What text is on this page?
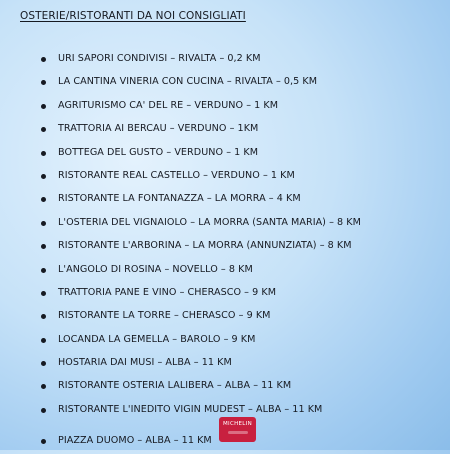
OSTERIE/RISTORANTI DA NOI CONSIGLIATI
URI SAPORI CONDIVISI – RIVALTA – 0,2 KM
LA CANTINA VINERIA CON CUCINA – RIVALTA – 0,5 KM
AGRITURISMO CA' DEL RE – VERDUNO – 1 KM
TRATTORIA AI BERCAU – VERDUNO – 1KM
BOTTEGA DEL GUSTO – VERDUNO – 1 KM
RISTORANTE REAL CASTELLO – VERDUNO – 1 KM
RISTORANTE LA FONTANAZZA – LA MORRA – 4 KM
L'OSTERIA DEL VIGNAIOLO – LA MORRA (SANTA MARIA) – 8 KM
RISTORANTE L'ARBORINA – LA MORRA (ANNUNZIATA) – 8 KM
L'ANGOLO DI ROSINA – NOVELLO – 8 KM
TRATTORIA PANE E VINO – CHERASCO – 9 KM
RISTORANTE LA TORRE – CHERASCO – 9 KM
LOCANDA LA GEMELLA – BAROLO – 9 KM
HOSTARIA DAI MUSI – ALBA – 11 KM
RISTORANTE OSTERIA LALIBERA – ALBA – 11 KM
RISTORANTE L'INEDITO VIGIN MUDEST – ALBA – 11 KM
PIAZZA DUOMO – ALBA – 11 KM
MICHELIN
